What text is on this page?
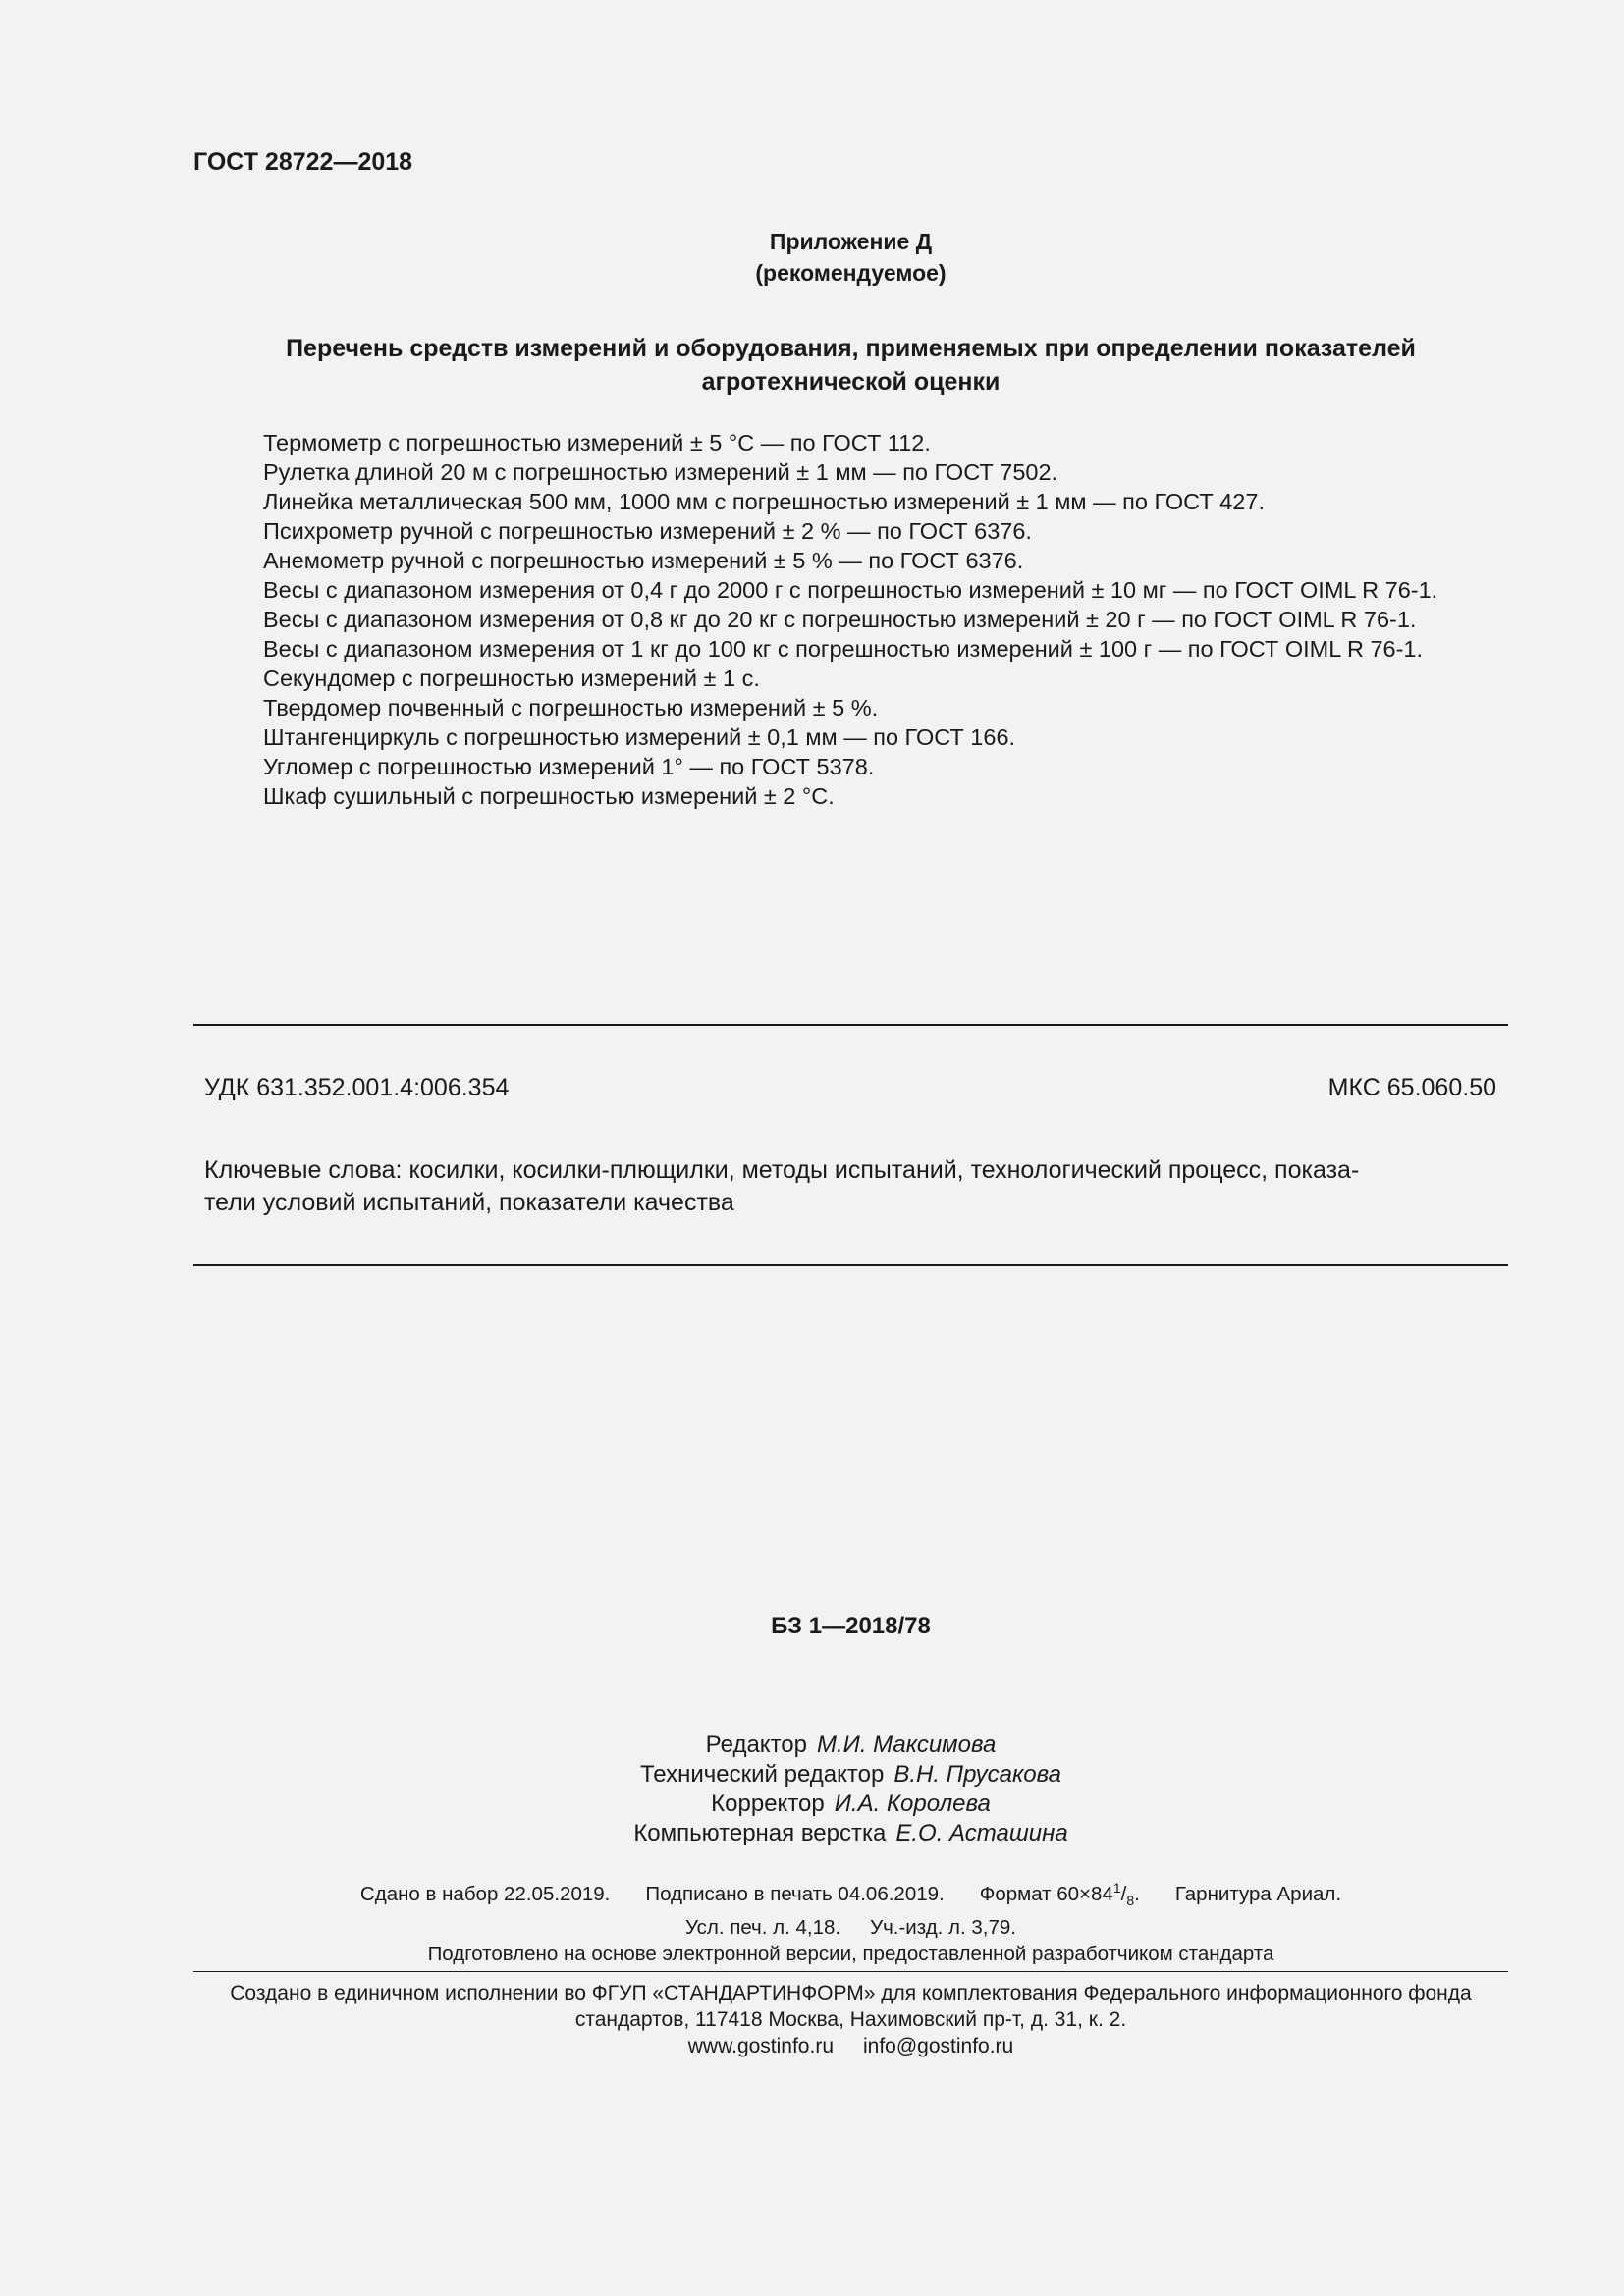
ГОСТ 28722—2018
Приложение Д
(рекомендуемое)
Перечень средств измерений и оборудования, применяемых при определении показателей
агротехнической оценки
Термометр с погрешностью измерений ± 5 °С — по ГОСТ 112.
Рулетка длиной 20 м с погрешностью измерений ± 1 мм — по ГОСТ 7502.
Линейка металлическая 500 мм, 1000 мм с погрешностью измерений ± 1 мм — по ГОСТ 427.
Психрометр ручной с погрешностью измерений ± 2 % — по ГОСТ 6376.
Анемометр ручной с погрешностью измерений ± 5 % — по ГОСТ 6376.
Весы с диапазоном измерения от 0,4 г до 2000 г с погрешностью измерений ± 10 мг — по ГОСТ OIML R 76-1.
Весы с диапазоном измерения от 0,8 кг до 20 кг с погрешностью измерений ± 20 г — по ГОСТ OIML R 76-1.
Весы с диапазоном измерения от 1 кг до 100 кг с погрешностью измерений ± 100 г — по ГОСТ OIML R 76-1.
Секундомер с погрешностью измерений ± 1 с.
Твердомер почвенный с погрешностью измерений ± 5 %.
Штангенциркуль с погрешностью измерений ± 0,1 мм — по ГОСТ 166.
Угломер с погрешностью измерений 1° — по ГОСТ 5378.
Шкаф сушильный с погрешностью измерений ± 2 °С.
УДК 631.352.001.4:006.354	МКС 65.060.50
Ключевые слова: косилки, косилки-плющилки, методы испытаний, технологический процесс, показа-
тели условий испытаний, показатели качества
БЗ 1—2018/78
Редактор М.И. Максимова
Технический редактор В.Н. Прусакова
Корректор И.А. Королева
Компьютерная верстка Е.О. Асташина
Сдано в набор 22.05.2019. Подписано в печать 04.06.2019. Формат $60\times 84^1/_8$. Гарнитура Ариал.
Усл. печ. л. 4,18. Уч.-изд. л. 3,79.
Подготовлено на основе электронной версии, предоставленной разработчиком стандарта
Создано в единичном исполнении во ФГУП «СТАНДАРТИНФОРМ» для комплектования Федерального информационного фонда
стандартов, 117418 Москва, Нахимовский пр-т, д. 31, к. 2.
www.gostinfo.ru info@gostinfo.ru
